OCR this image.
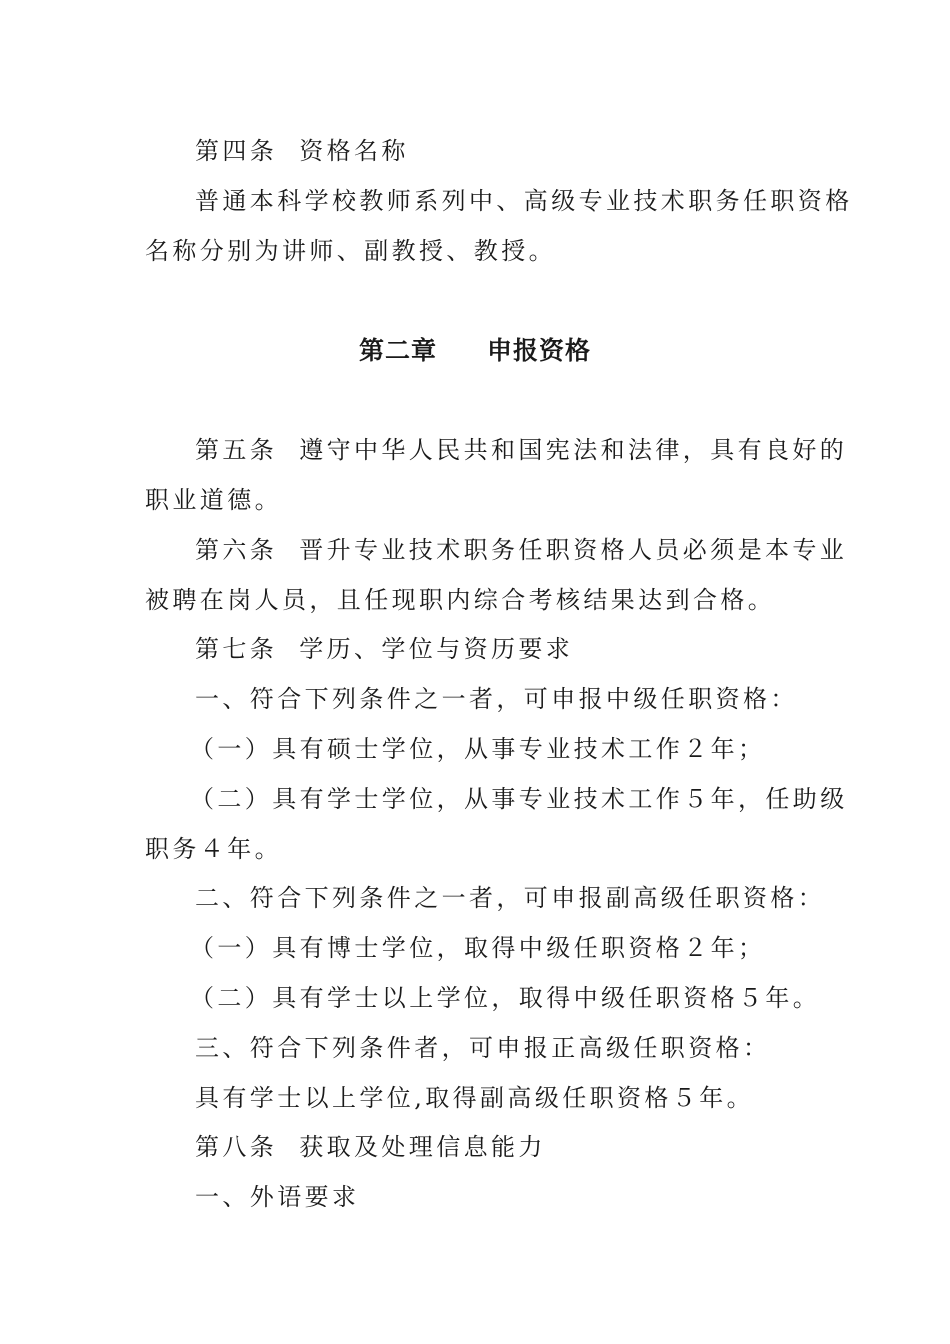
第四条 资格名称
普通本科学校教师系列中、高级专业技术职务任职资格
名称分别为讲师、副教授、教授。
第二章 申报资格
第五条 遵守中华人民共和国宪法和法律，具有良好的
职业道德。
第六条 晋升专业技术职务任职资格人员必须是本专业
被聘在岗人员，且任现职内综合考核结果达到合格。
第七条 学历、学位与资历要求
一、符合下列条件之一者，可申报中级任职资格：
（一）具有硕士学位，从事专业技术工作２年；
（二）具有学士学位，从事专业技术工作５年，任助级
职务４年。
二、符合下列条件之一者，可申报副高级任职资格：
（一）具有博士学位，取得中级任职资格２年；
（二）具有学士以上学位，取得中级任职资格５年。
三、符合下列条件者，可申报正高级任职资格：
具有学士以上学位,取得副高级任职资格５年。
第八条 获取及处理信息能力
一、外语要求
